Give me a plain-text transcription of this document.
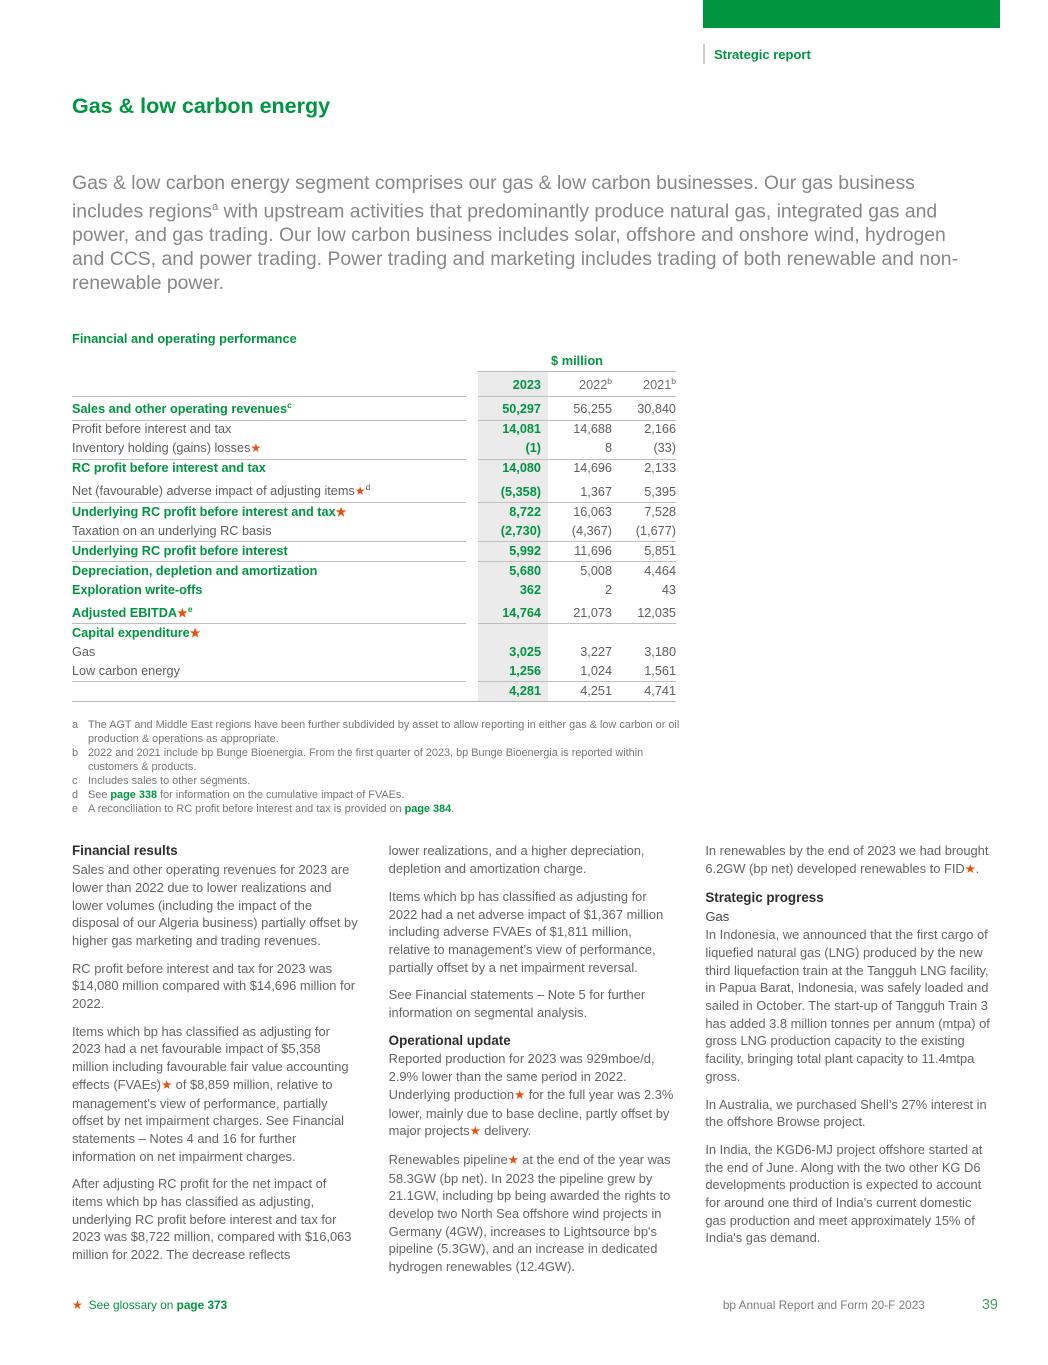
Strategic report
Gas & low carbon energy

Gas & low carbon energy segment comprises our gas & low carbon businesses. Our gas business includes regions$^a$ with upstream activities that predominantly produce natural gas, integrated gas and power, and gas trading. Our low carbon business includes solar, offshore and onshore wind, hydrogen and CCS, and power trading. Power trading and marketing includes trading of both renewable and non-renewable power.

Financial and operating performance
		$ million		
		2023	2022$^b$	2021$^b$
Sales and other operating revenues$^c$		50,297	56,255	30,840
Profit before interest and tax		14,081	14,688	2,166
Inventory holding (gains) losses★		(1)	8	(33)
RC profit before interest and tax		14,080	14,696	2,133
Net (favourable) adverse impact of adjusting items★$^d$		(5,358)	1,367	5,395
Underlying RC profit before interest and tax★		8,722	16,063	7,528
Taxation on an underlying RC basis		(2,730)	(4,367)	(1,677)
Underlying RC profit before interest		5,992	11,696	5,851
Depreciation, depletion and amortization		5,680	5,008	4,464
Exploration write-offs		362	2	43
Adjusted EBITDA★$^e$		14,764	21,073	12,035
Capital expenditure★				
Gas		3,025	3,227	3,180
Low carbon energy		1,256	1,024	1,561
		4,281	4,251	4,741
a The AGT and Middle East regions have been further subdivided by asset to allow reporting in either gas & low carbon or oil production & operations as appropriate.
b 2022 and 2021 include bp Bunge Bioenergia. From the first quarter of 2023, bp Bunge Bioenergia is reported within customers & products.
c Includes sales to other segments.
d See page 338 for information on the cumulative impact of FVAEs.
e A reconciliation to RC profit before interest and tax is provided on page 384.
Financial results

Sales and other operating revenues for 2023 are lower than 2022 due to lower realizations and lower volumes (including the impact of the disposal of our Algeria business) partially offset by higher gas marketing and trading revenues.

RC profit before interest and tax for 2023 was $14,080 million compared with $14,696 million for 2022.

Items which bp has classified as adjusting for 2023 had a net favourable impact of $5,358 million including favourable fair value accounting effects (FVAEs)★ of $8,859 million, relative to management’s view of performance, partially offset by net impairment charges. See Financial statements – Notes 4 and 16 for further information on net impairment charges.

After adjusting RC profit for the net impact of items which bp has classified as adjusting, underlying RC profit before interest and tax for 2023 was $8,722 million, compared with $16,063 million for 2022. The decrease reflects

lower realizations, and a higher depreciation, depletion and amortization charge.

Items which bp has classified as adjusting for 2022 had a net adverse impact of $1,367 million including adverse FVAEs of $1,811 million, relative to management’s view of performance, partially offset by a net impairment reversal.

See Financial statements – Note 5 for further information on segmental analysis.

Operational update

Reported production for 2023 was 929mboe/d, 2.9% lower than the same period in 2022. Underlying production★ for the full year was 2.3% lower, mainly due to base decline, partly offset by major projects★ delivery.

Renewables pipeline★ at the end of the year was 58.3GW (bp net). In 2023 the pipeline grew by 21.1GW, including bp being awarded the rights to develop two North Sea offshore wind projects in Germany (4GW), increases to Lightsource bp's pipeline (5.3GW), and an increase in dedicated hydrogen renewables (12.4GW).

In renewables by the end of 2023 we had brought 6.2GW (bp net) developed renewables to FID★.

Strategic progress
Gas

In Indonesia, we announced that the first cargo of liquefied natural gas (LNG) produced by the new third liquefaction train at the Tangguh LNG facility, in Papua Barat, Indonesia, was safely loaded and sailed in October. The start-up of Tangguh Train 3 has added 3.8 million tonnes per annum (mtpa) of gross LNG production capacity to the existing facility, bringing total plant capacity to 11.4mtpa gross.

In Australia, we purchased Shell’s 27% interest in the offshore Browse project.

In India, the KGD6-MJ project offshore started at the end of June. Along with the two other KG D6 developments production is expected to account for around one third of India's current domestic gas production and meet approximately 15% of India's gas demand.

★ See glossary on page 373	bp Annual Report and Form 20-F 2023	39
